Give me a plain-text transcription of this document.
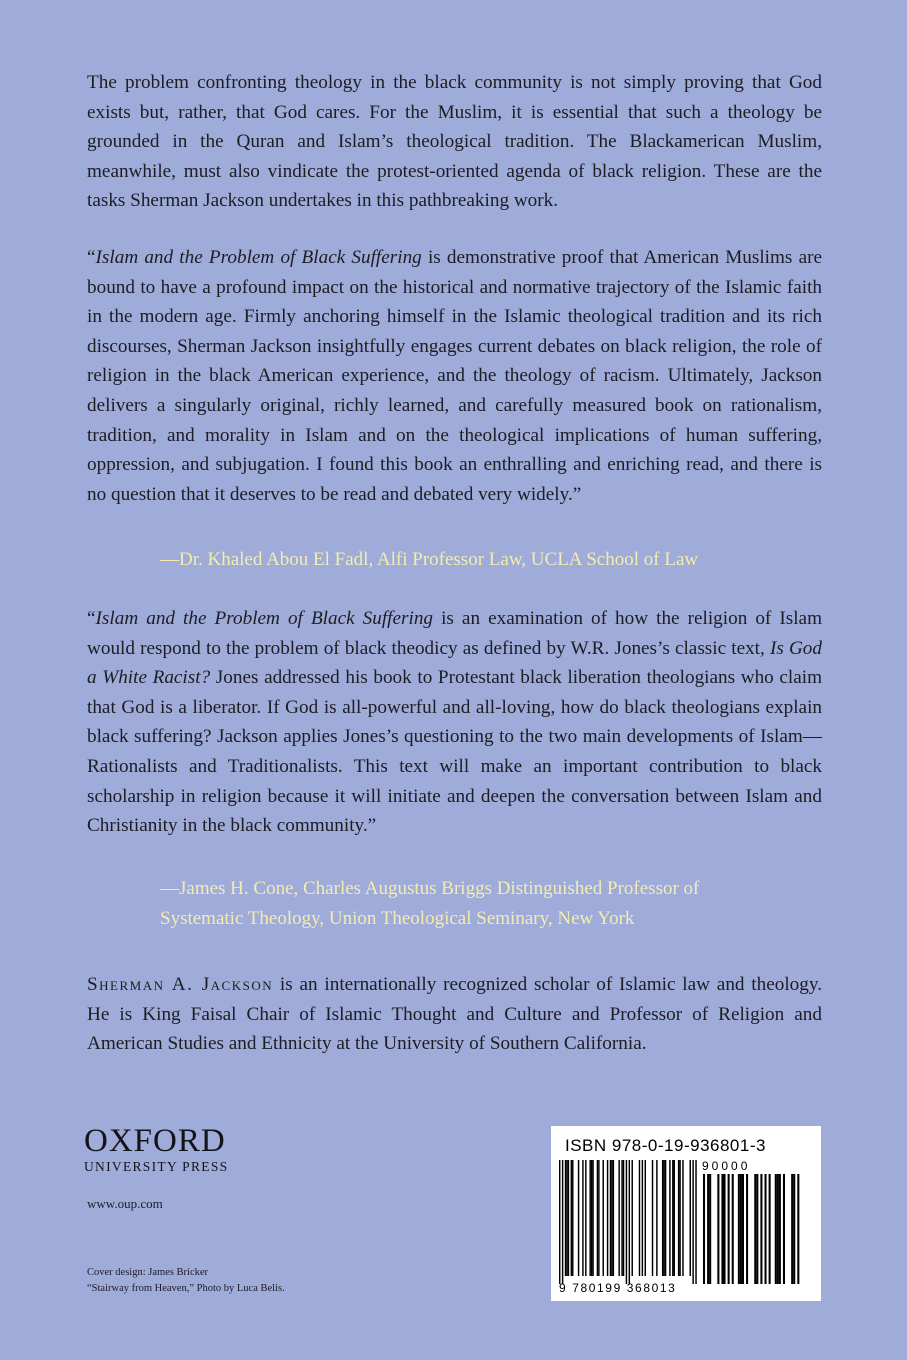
The problem confronting theology in the black community is not simply proving that God exists but, rather, that God cares. For the Muslim, it is essential that such a theology be grounded in the Quran and Islam’s theological tradition. The Blackamerican Muslim, meanwhile, must also vindicate the protest-oriented agenda of black religion. These are the tasks Sherman Jackson undertakes in this pathbreaking work.

“Islam and the Problem of Black Suffering is demonstrative proof that American Muslims are bound to have a profound impact on the historical and normative trajectory of the Islamic faith in the modern age. Firmly anchoring himself in the Islamic theological tradition and its rich discourses, Sherman Jackson insightfully engages current debates on black religion, the role of religion in the black American experience, and the theology of racism. Ultimately, Jackson delivers a singularly original, richly learned, and carefully measured book on rationalism, tradition, and morality in Islam and on the theological implications of human suffering, oppression, and subjugation. I found this book an enthralling and enriching read, and there is no question that it deserves to be read and debated very widely.”

—Dr. Khaled Abou El Fadl, Alfi Professor Law, UCLA School of Law

“Islam and the Problem of Black Suffering is an examination of how the religion of Islam would respond to the problem of black theodicy as defined by W.R. Jones’s classic text, Is God a White Racist? Jones addressed his book to Protestant black liberation theologians who claim that God is a liberator. If God is all-powerful and all-loving, how do black theologians explain black suffering? Jackson applies Jones’s questioning to the two main developments of Islam—Rationalists and Traditionalists. This text will make an important contribution to black scholarship in religion because it will initiate and deepen the conversation between Islam and Christianity in the black community.”

—James H. Cone, Charles Augustus Briggs Distinguished Professor of
Systematic Theology, Union Theological Seminary, New York

Sherman A. Jackson is an internationally recognized scholar of Islamic law and theology. He is King Faisal Chair of Islamic Thought and Culture and Professor of Religion and American Studies and Ethnicity at the University of Southern California.

OXFORD
UNIVERSITY PRESS
www.oup.com
Cover design: James Bricker
“Stairway from Heaven,” Photo by Luca Belis.
ISBN 978-0-19-936801-3
90000
9 780199 368013
